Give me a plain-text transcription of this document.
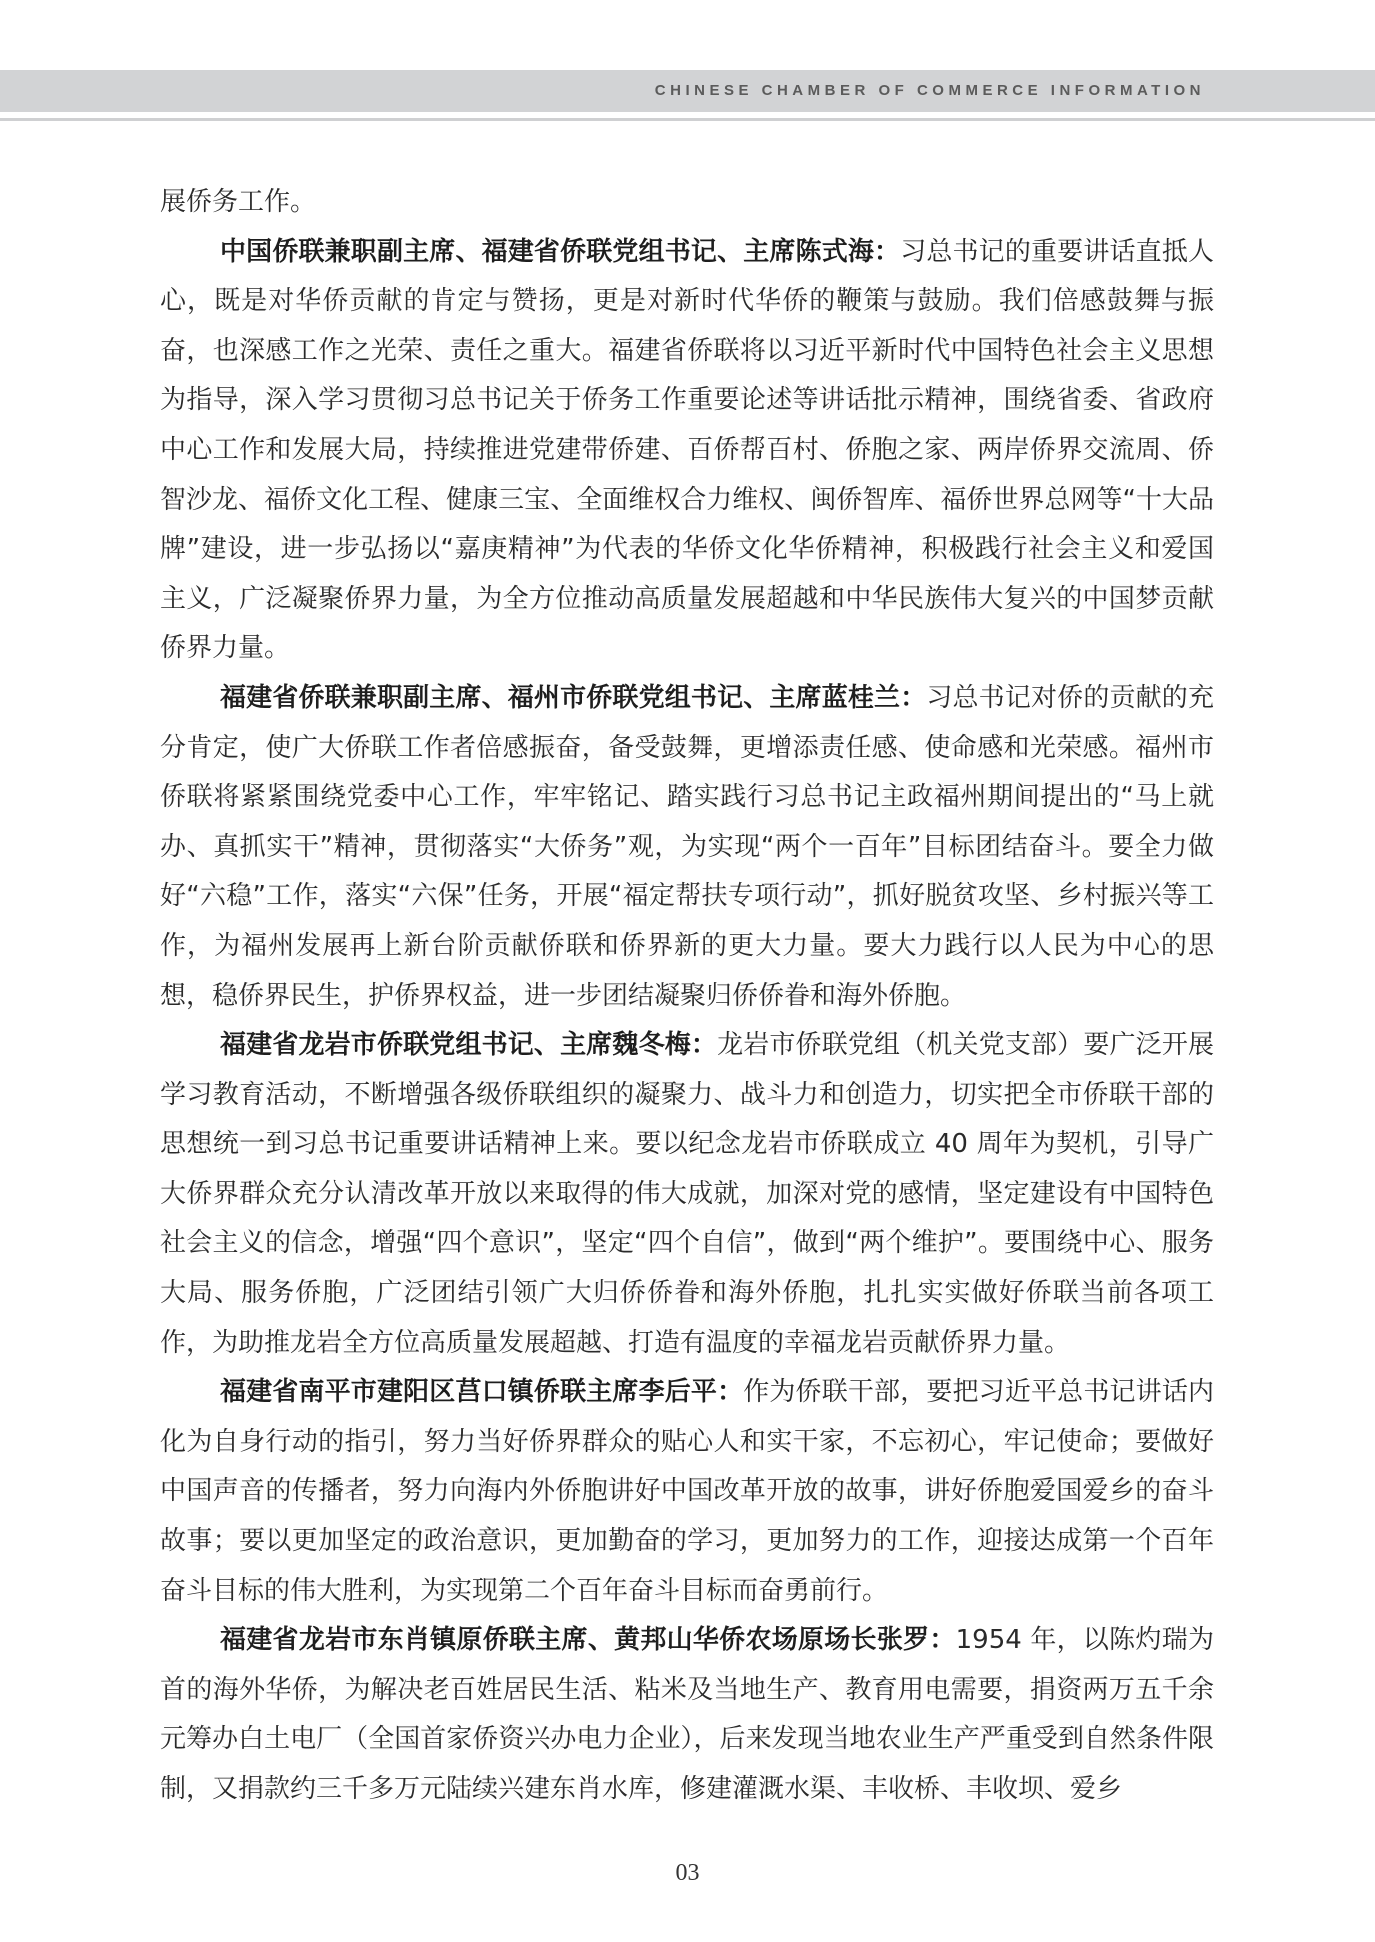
CHINESE CHAMBER OF COMMERCE INFORMATION

展侨务工作。

中国侨联兼职副主席、福建省侨联党组书记、主席陈式海：习总书记的重要讲话直抵人心，既是对华侨贡献的肯定与赞扬，更是对新时代华侨的鞭策与鼓励。我们倍感鼓舞与振奋，也深感工作之光荣、责任之重大。福建省侨联将以习近平新时代中国特色社会主义思想为指导，深入学习贯彻习总书记关于侨务工作重要论述等讲话批示精神，围绕省委、省政府中心工作和发展大局，持续推进党建带侨建、百侨帮百村、侨胞之家、两岸侨界交流周、侨智沙龙、福侨文化工程、健康三宝、全面维权合力维权、闽侨智库、福侨世界总网等“十大品牌”建设，进一步弘扬以“嘉庚精神”为代表的华侨文化华侨精神，积极践行社会主义和爱国主义，广泛凝聚侨界力量，为全方位推动高质量发展超越和中华民族伟大复兴的中国梦贡献侨界力量。

福建省侨联兼职副主席、福州市侨联党组书记、主席蓝桂兰：习总书记对侨的贡献的充分肯定，使广大侨联工作者倍感振奋，备受鼓舞，更增添责任感、使命感和光荣感。福州市侨联将紧紧围绕党委中心工作，牢牢铭记、踏实践行习总书记主政福州期间提出的“马上就办、真抓实干”精神，贯彻落实“大侨务”观，为实现“两个一百年”目标团结奋斗。要全力做好“六稳”工作，落实“六保”任务，开展“福定帮扶专项行动”，抓好脱贫攻坚、乡村振兴等工作，为福州发展再上新台阶贡献侨联和侨界新的更大力量。要大力践行以人民为中心的思想，稳侨界民生，护侨界权益，进一步团结凝聚归侨侨眷和海外侨胞。

福建省龙岩市侨联党组书记、主席魏冬梅：龙岩市侨联党组（机关党支部）要广泛开展学习教育活动，不断增强各级侨联组织的凝聚力、战斗力和创造力，切实把全市侨联干部的思想统一到习总书记重要讲话精神上来。要以纪念龙岩市侨联成立 40 周年为契机，引导广大侨界群众充分认清改革开放以来取得的伟大成就，加深对党的感情，坚定建设有中国特色社会主义的信念，增强“四个意识”，坚定“四个自信”，做到“两个维护”。要围绕中心、服务大局、服务侨胞，广泛团结引领广大归侨侨眷和海外侨胞，扎扎实实做好侨联当前各项工作，为助推龙岩全方位高质量发展超越、打造有温度的幸福龙岩贡献侨界力量。

福建省南平市建阳区莒口镇侨联主席李后平：作为侨联干部，要把习近平总书记讲话内化为自身行动的指引，努力当好侨界群众的贴心人和实干家，不忘初心，牢记使命；要做好中国声音的传播者，努力向海内外侨胞讲好中国改革开放的故事，讲好侨胞爱国爱乡的奋斗故事；要以更加坚定的政治意识，更加勤奋的学习，更加努力的工作，迎接达成第一个百年奋斗目标的伟大胜利，为实现第二个百年奋斗目标而奋勇前行。

福建省龙岩市东肖镇原侨联主席、黄邦山华侨农场原场长张罗：1954 年，以陈灼瑞为首的海外华侨，为解决老百姓居民生活、粘米及当地生产、教育用电需要，捐资两万五千余元筹办白土电厂（全国首家侨资兴办电力企业），后来发现当地农业生产严重受到自然条件限制，又捐款约三千多万元陆续兴建东肖水库，修建灌溉水渠、丰收桥、丰收坝、爱乡

03
